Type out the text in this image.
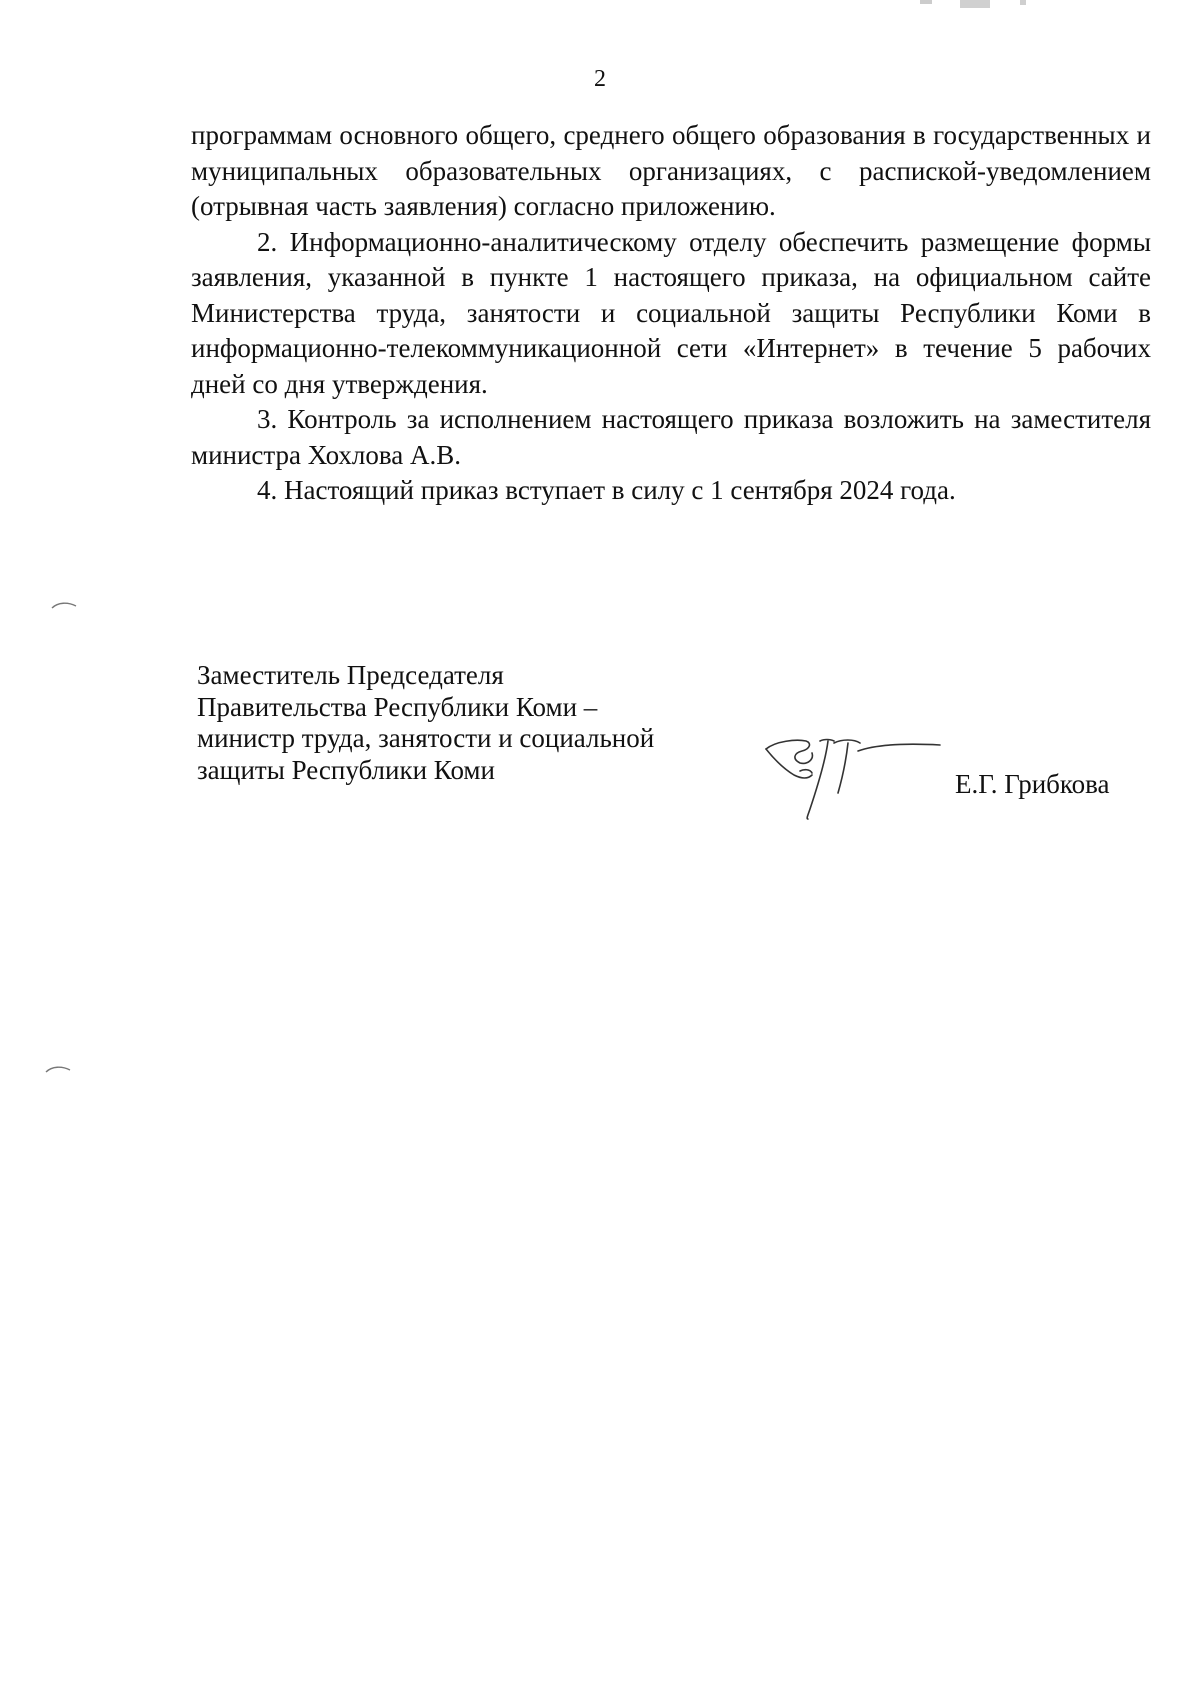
2

программам основного общего, среднего общего образования в государственных и муниципальных образовательных организациях, с распиской-уведомлением (отрывная часть заявления) согласно приложению.

2. Информационно-аналитическому отделу обеспечить размещение формы заявления, указанной в пункте 1 настоящего приказа, на официальном сайте Министерства труда, занятости и социальной защиты Республики Коми в информационно-телекоммуникационной сети «Интернет» в течение 5 рабочих дней со дня утверждения.

3. Контроль за исполнением настоящего приказа возложить на заместителя министра Хохлова А.В.

4. Настоящий приказ вступает в силу с 1 сентября 2024 года.

Заместитель Председателя
Правительства Республики Коми –
министр труда, занятости и социальной
защиты Республики Коми	Е.Г. Грибкова
